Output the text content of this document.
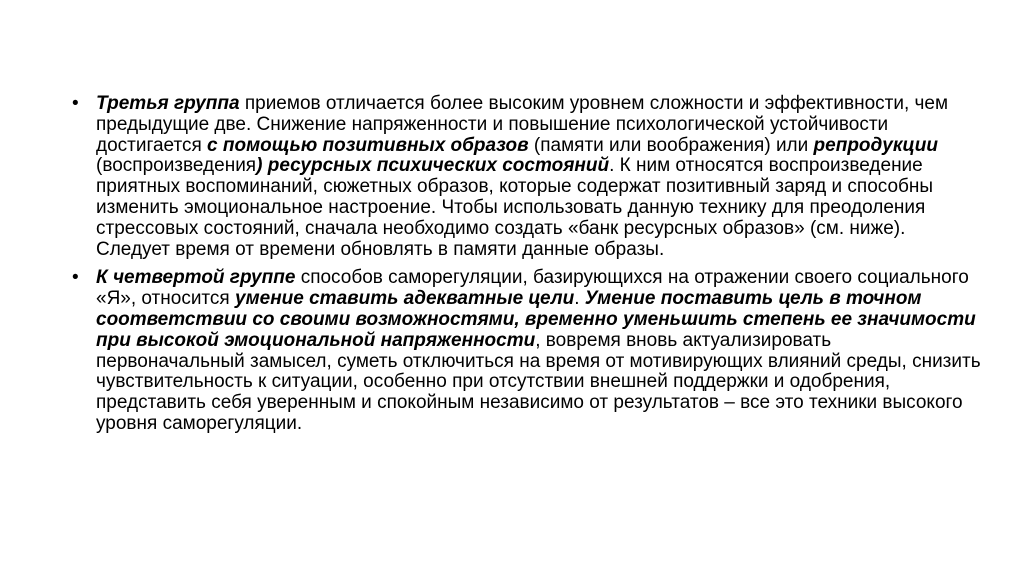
• Третья группа приемов отличается более высоким уровнем сложности и эффективности, чем предыдущие две. Снижение напряженности и повышение психологической устойчивости достигается с помощью позитивных образов (памяти или воображения) или репродукции (воспроизведения) ресурсных психических состояний. К ним относятся воспроизведение приятных воспоминаний, сюжетных образов, которые содержат позитивный заряд и способны изменить эмоциональное настроение. Чтобы использовать данную технику для преодоления стрессовых состояний, сначала необходимо создать «банк ресурсных образов» (см. ниже). Следует время от времени обновлять в памяти данные образы.
• К четвертой группе способов саморегуляции, базирующихся на отражении своего социального «Я», относится умение ставить адекватные цели. Умение поставить цель в точном соответствии со своими возможностями, временно уменьшить степень ее значимости при высокой эмоциональной напряженности, вовремя вновь актуализировать первоначальный замысел, суметь отключиться на время от мотивирующих влияний среды, снизить чувствительность к ситуации, особенно при отсутствии внешней поддержки и одобрения, представить себя уверенным и спокойным независимо от результатов – все это техники высокого уровня саморегуляции.
